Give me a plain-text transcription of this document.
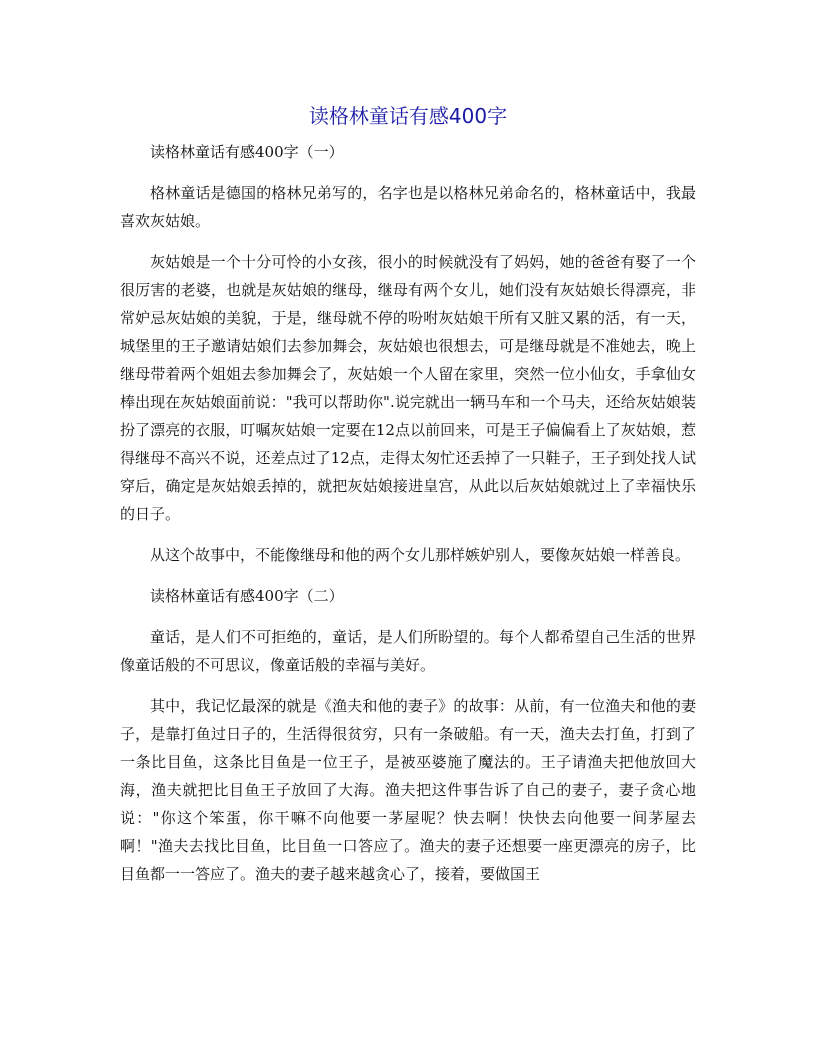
读格林童话有感400字

读格林童话有感400字（一）

格林童话是德国的格林兄弟写的，名字也是以格林兄弟命名的，格林童话中，我最喜欢灰姑娘。

灰姑娘是一个十分可怜的小女孩，很小的时候就没有了妈妈，她的爸爸有娶了一个很厉害的老婆，也就是灰姑娘的继母，继母有两个女儿，她们没有灰姑娘长得漂亮，非常妒忌灰姑娘的美貌，于是，继母就不停的吩咐灰姑娘干所有又脏又累的活，有一天，城堡里的王子邀请姑娘们去参加舞会，灰姑娘也很想去，可是继母就是不准她去，晚上继母带着两个姐姐去参加舞会了，灰姑娘一个人留在家里，突然一位小仙女，手拿仙女棒出现在灰姑娘面前说："我可以帮助你".说完就出一辆马车和一个马夫，还给灰姑娘装扮了漂亮的衣服，叮嘱灰姑娘一定要在12点以前回来，可是王子偏偏看上了灰姑娘，惹得继母不高兴不说，还差点过了12点，走得太匆忙还丢掉了一只鞋子，王子到处找人试穿后，确定是灰姑娘丢掉的，就把灰姑娘接进皇宫，从此以后灰姑娘就过上了幸福快乐的日子。

从这个故事中，不能像继母和他的两个女儿那样嫉妒别人，要像灰姑娘一样善良。

读格林童话有感400字（二）

童话，是人们不可拒绝的，童话，是人们所盼望的。每个人都希望自己生活的世界像童话般的不可思议，像童话般的幸福与美好。

其中，我记忆最深的就是《渔夫和他的妻子》的故事：从前，有一位渔夫和他的妻子，是靠打鱼过日子的，生活得很贫穷，只有一条破船。有一天，渔夫去打鱼，打到了一条比目鱼，这条比目鱼是一位王子，是被巫婆施了魔法的。王子请渔夫把他放回大海，渔夫就把比目鱼王子放回了大海。渔夫把这件事告诉了自己的妻子，妻子贪心地说："你这个笨蛋，你干嘛不向他要一茅屋呢？快去啊！快快去向他要一间茅屋去啊！"渔夫去找比目鱼，比目鱼一口答应了。渔夫的妻子还想要一座更漂亮的房子，比目鱼都一一答应了。渔夫的妻子越来越贪心了，接着，要做国王
